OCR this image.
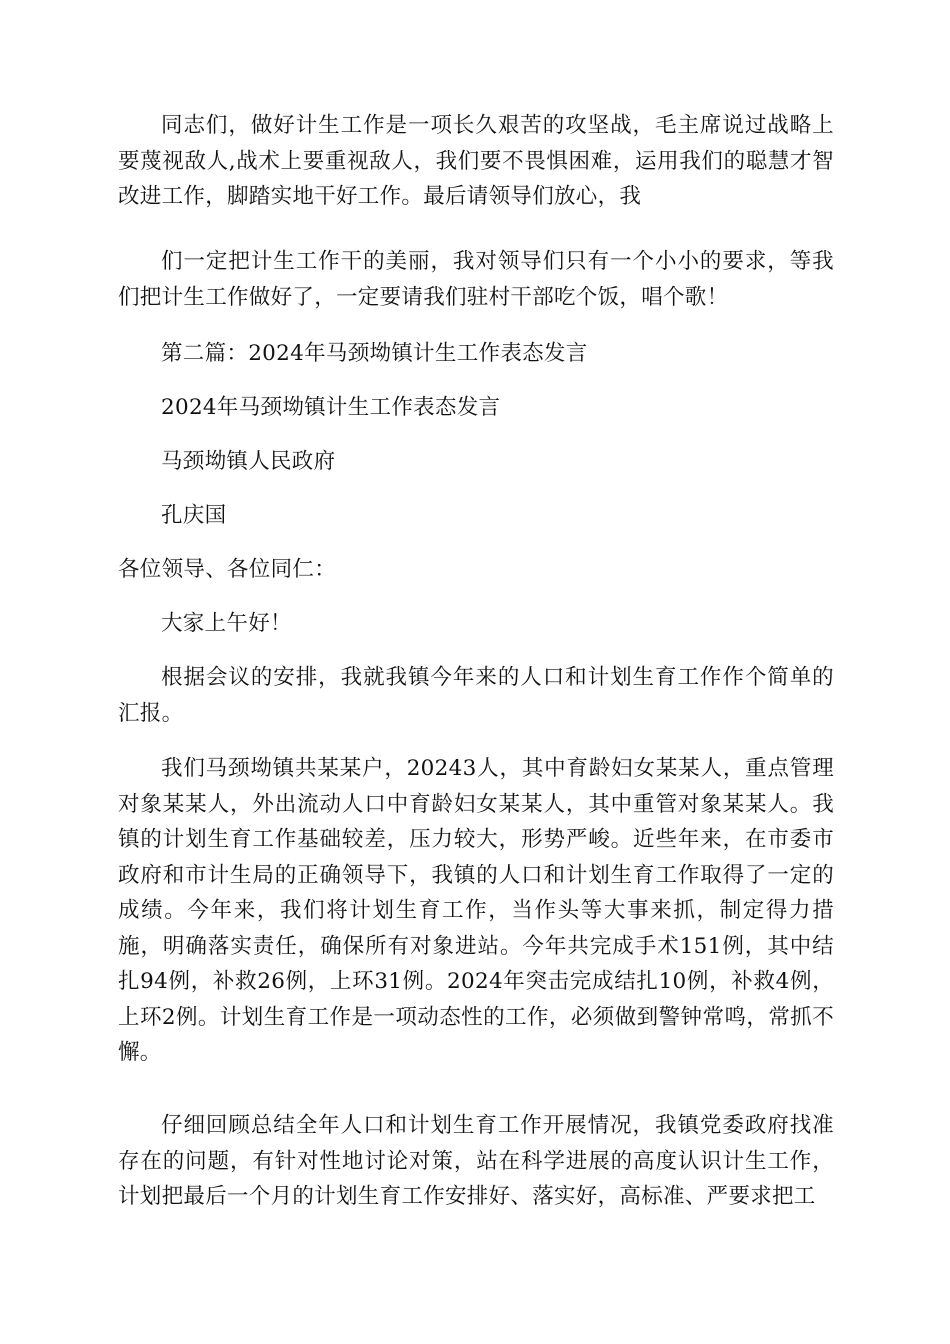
同志们，做好计生工作是一项长久艰苦的攻坚战，毛主席说过战略上要蔑视敌人,战术上要重视敌人，我们要不畏惧困难，运用我们的聪慧才智改进工作，脚踏实地干好工作。最后请领导们放心，我

们一定把计生工作干的美丽，我对领导们只有一个小小的要求，等我们把计生工作做好了，一定要请我们驻村干部吃个饭，唱个歌！

第二篇：2024年马颈坳镇计生工作表态发言

2024年马颈坳镇计生工作表态发言

马颈坳镇人民政府

孔庆国

各位领导、各位同仁：

大家上午好！

根据会议的安排，我就我镇今年来的人口和计划生育工作作个简单的汇报。

我们马颈坳镇共某某户，20243人，其中育龄妇女某某人，重点管理对象某某人，外出流动人口中育龄妇女某某人，其中重管对象某某人。我镇的计划生育工作基础较差，压力较大，形势严峻。近些年来，在市委市政府和市计生局的正确领导下，我镇的人口和计划生育工作取得了一定的成绩。今年来，我们将计划生育工作，当作头等大事来抓，制定得力措施，明确落实责任，确保所有对象进站。今年共完成手术151例，其中结扎94例，补救26例，上环31例。2024年突击完成结扎10例，补救4例，上环2例。计划生育工作是一项动态性的工作，必须做到警钟常鸣，常抓不懈。

仔细回顾总结全年人口和计划生育工作开展情况，我镇党委政府找准存在的问题，有针对性地讨论对策，站在科学进展的高度认识计生工作，计划把最后一个月的计划生育工作安排好、落实好，高标准、严要求把工
